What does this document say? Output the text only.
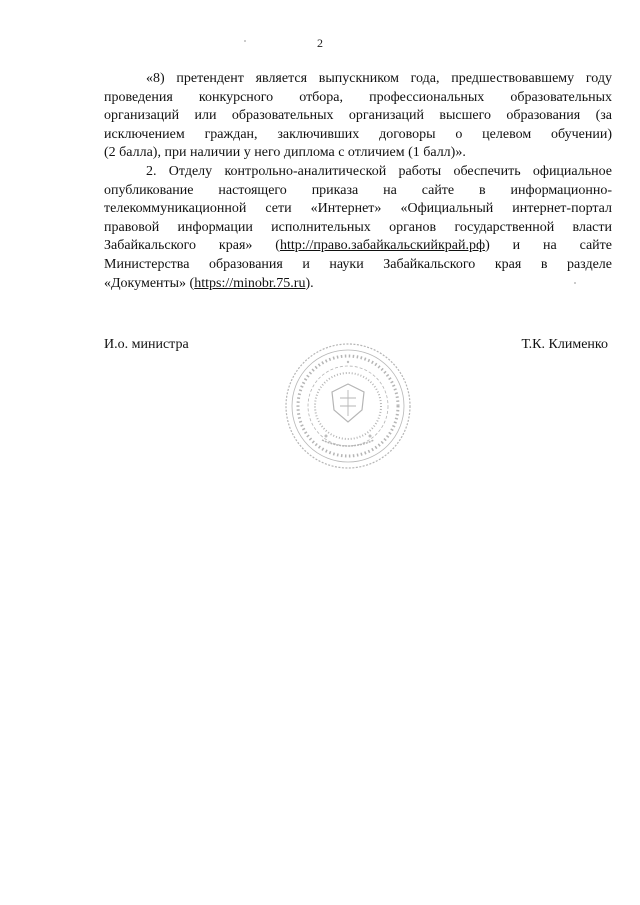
2
«8) претендент является выпускником года, предшествовавшему году
проведения конкурсного отбора, профессиональных образовательных
организаций или образовательных организаций высшего образования (за
исключением граждан, заключивших договоры о целевом обучении)
(2 балла), при наличии у него диплома с отличием (1 балл)».
2. Отделу контрольно-аналитической работы обеспечить официальное
опубликование настоящего приказа на сайте в информационно-
телекоммуникационной сети «Интернет» «Официальный интернет-портал
правовой информации исполнительных органов государственной власти
Забайкальского края» (http://право.забайкальскийкрай.рф) и на сайте
Министерства образования и науки Забайкальского края в разделе
«Документы» (https://minobr.75.ru).
И.о. министра	Т.К. Клименко
